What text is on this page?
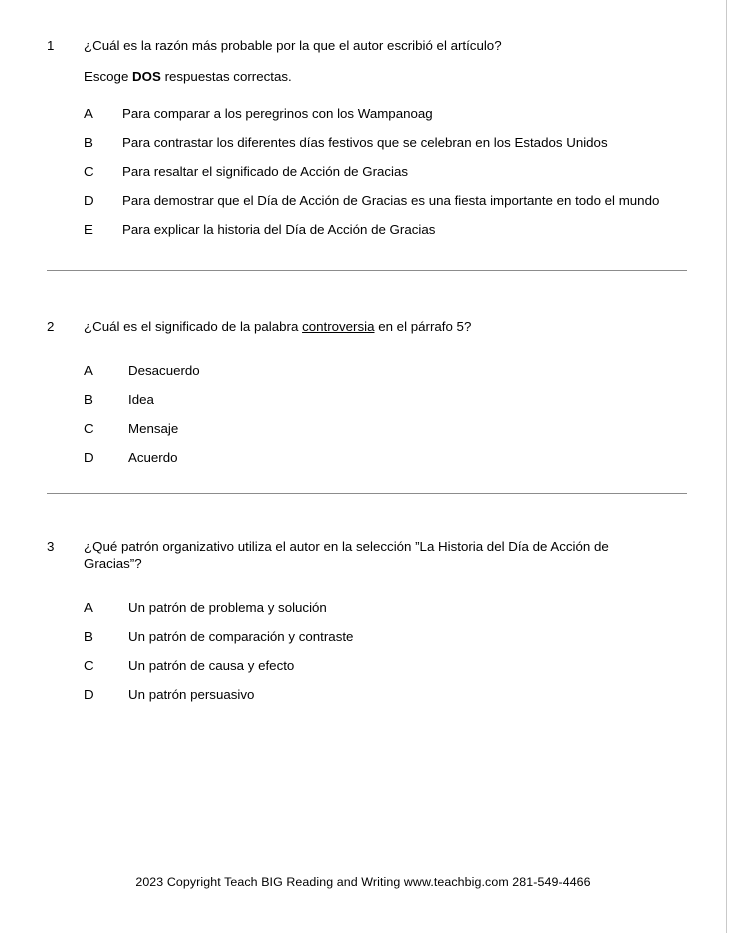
1	¿Cuál es la razón más probable por la que el autor escribió el artículo?
Escoge DOS respuestas correctas.
A	Para comparar a los peregrinos con los Wampanoag
B	Para contrastar los diferentes días festivos que se celebran en los Estados Unidos
C	Para resaltar el significado de Acción de Gracias
D	Para demostrar que el Día de Acción de Gracias es una fiesta importante en todo el mundo
E	Para explicar la historia del Día de Acción de Gracias
2	¿Cuál es el significado de la palabra controversia en el párrafo 5?
A	Desacuerdo
B	Idea
C	Mensaje
D	Acuerdo
3	¿Qué patrón organizativo utiliza el autor en la selección ”La Historia del Día de Acción de Gracias”?
A	Un patrón de problema y solución
B	Un patrón de comparación y contraste
C	Un patrón de causa y efecto
D	Un patrón persuasivo
2023 Copyright Teach BIG Reading and Writing www.teachbig.com 281-549-4466
